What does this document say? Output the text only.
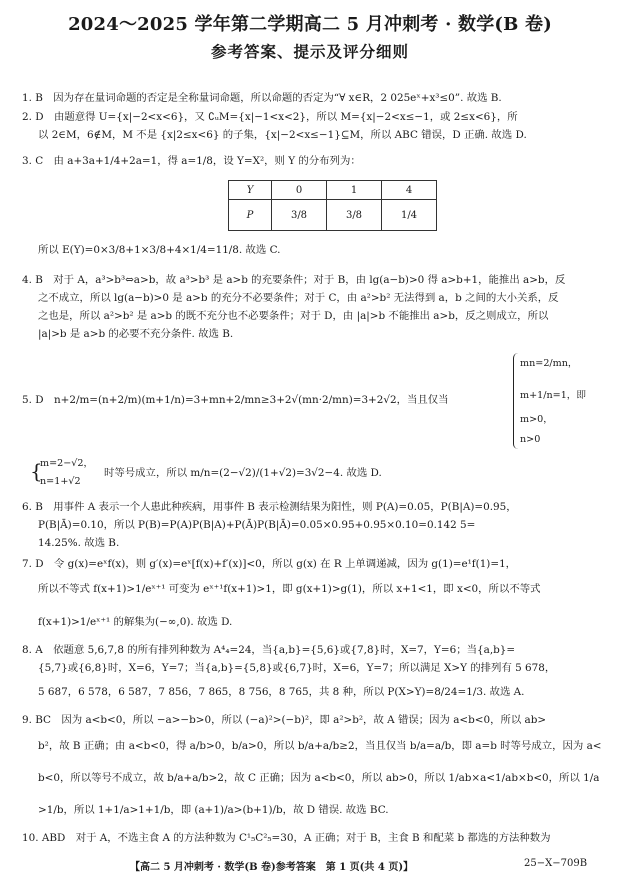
2024～2025 学年第二学期高二 5 月冲刺考 · 数学(B 卷)
参考答案、提示及评分细则
1. B　因为存在量词命题的否定是全称量词命题，所以命题的否定为“∀ x∈R，2 025eˣ+x³≤0”. 故选 B.
2. D　由题意得 U={x|−2<x<6}，又 ∁ᵤM={x|−1<x<2}，所以 M={x|−2<x≤−1，或 2≤x<6}，所
以 2∈M，6∉M，M 不是 {x|2≤x<6} 的子集，{x|−2<x≤−1}⊆M，所以 ABC 错误，D 正确. 故选 D.
3. C　由 a+3a+1/4+2a=1，得 a=1/8，设 Y=X²，则 Y 的分布列为：
Y	0	1	4
P	3/8	3/8	1/4
所以 E(Y)=0×3/8+1×3/8+4×1/4=11/8. 故选 C.
4. B　对于 A，a³>b³⇔a>b，故 a³>b³ 是 a>b 的充要条件；对于 B，由 lg(a−b)>0 得 a>b+1，能推出 a>b，反
之不成立，所以 lg(a−b)>0 是 a>b 的充分不必要条件；对于 C，由 a²>b² 无法得到 a，b 之间的大小关系，反
之也是，所以 a²>b² 是 a>b 的既不充分也不必要条件；对于 D，由 |a|>b 不能推出 a>b，反之则成立，所以
|a|>b 是 a>b 的必要不充分条件. 故选 B.
5. D　n+2/m=(n+2/m)(m+1/n)=3+mn+2/mn≥3+2√(mn·2/mn)=3+2√2，当且仅当
mn=2/mn，
m+1/n=1，即
m>0，
n>0
{
m=2−√2，
n=1+√2
时等号成立，所以 m/n=(2−√2)/(1+√2)=3√2−4. 故选 D.
6. B　用事件 A 表示一个人患此种疾病，用事件 B 表示检测结果为阳性，则 P(A)=0.05，P(B|A)=0.95，
P(B|Ā)=0.10，所以 P(B)=P(A)P(B|A)+P(Ā)P(B|Ā)=0.05×0.95+0.95×0.10=0.142 5=
14.25%. 故选 B.
7. D　令 g(x)=eˣf(x)，则 g′(x)=eˣ[f(x)+f′(x)]<0，所以 g(x) 在 R 上单调递减，因为 g(1)=e¹f(1)=1，
所以不等式 f(x+1)>1/eˣ⁺¹ 可变为 eˣ⁺¹f(x+1)>1，即 g(x+1)>g(1)，所以 x+1<1，即 x<0，所以不等式
f(x+1)>1/eˣ⁺¹ 的解集为(−∞,0). 故选 D.
8. A　依题意 5,6,7,8 的所有排列种数为 A⁴₄=24，当{a,b}={5,6}或{7,8}时，X=7，Y=6；当{a,b}=
{5,7}或{6,8}时，X=6，Y=7；当{a,b}={5,8}或{6,7}时，X=6，Y=7；所以满足 X>Y 的排列有 5 678，
5 687，6 578，6 587，7 856，7 865，8 756，8 765，共 8 种，所以 P(X>Y)=8/24=1/3. 故选 A.
9. BC　因为 a<b<0，所以 −a>−b>0，所以 (−a)²>(−b)²，即 a²>b²，故 A 错误；因为 a<b<0，所以 ab>
b²，故 B 正确；由 a<b<0，得 a/b>0，b/a>0，所以 b/a+a/b≥2，当且仅当 b/a=a/b，即 a=b 时等号成立，因为 a<
b<0，所以等号不成立，故 b/a+a/b>2，故 C 正确；因为 a<b<0，所以 ab>0，所以 1/ab×a<1/ab×b<0，所以 1/a
>1/b，所以 1+1/a>1+1/b，即 (a+1)/a>(b+1)/b，故 D 错误. 故选 BC.
10. ABD　对于 A，不选主食 A 的方法种数为 C¹₅C²₅=30，A 正确；对于 B，主食 B 和配菜 b 都选的方法种数为
【高二 5 月冲刺考 · 数学(B 卷)参考答案　第 1 页(共 4 页)】	25−X−709B
